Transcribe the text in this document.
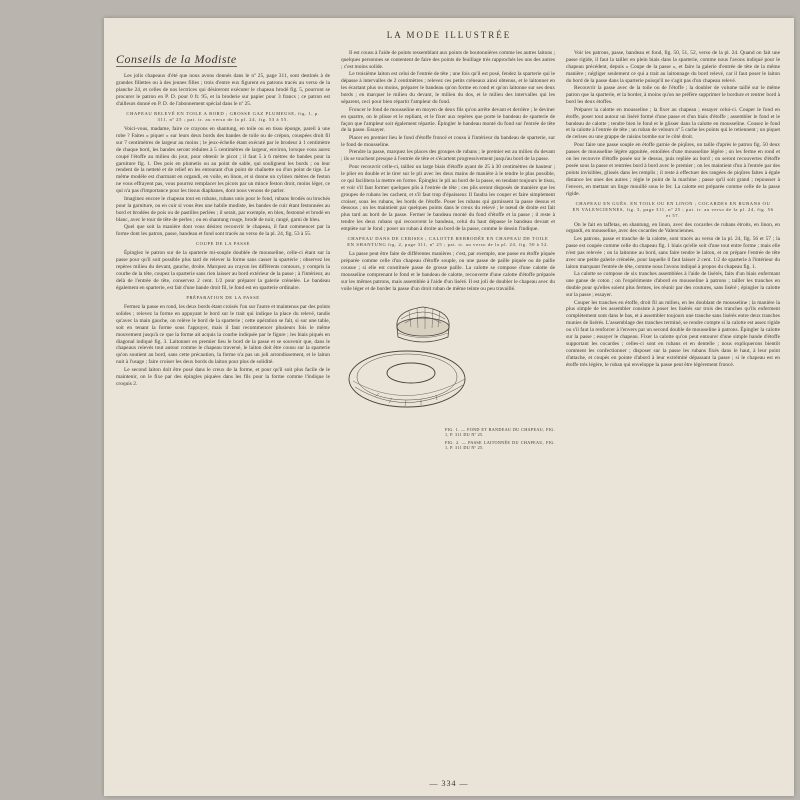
LA MODE ILLUSTRÉE
Conseils de la Modiste

Les jolis chapeaux d'été que nous avons donnés dans le nº 25, page 311, sont destinés à de grandes fillettes ou à des jeunes filles ; trois d'entre eux figurent en patrons tracés au verso de la planche 24, et celles de nos lectrices qui désireront exécuter le chapeau brodé fig. 5, pourront se procurer le patron en P. D. pour 0 fr. 95, et la broderie sur papier pour 3 francs ; ce patron est d'ailleurs donné en P. D. de l'abonnement spécial dans le nº 25.

CHAPEAU RELEVÉ EN TOILE A BORD ; GROSSE GAZ PLUMEUSE, fig. 1, p. 311, nº 25 ; pat. tr. au verso de la pl. 24, fig. 53 à 55.

Voici-vous, madame, faire ce crayons en shantung, en toile ou en tissu éponge, pareil à une robe ? Faites « piquer » sur leurs deux bords des bandes de toile ou de crépon, couspées droit fil sur 7 centimètres de largeur au moins ; le jeux-échelle étant exécuté par le brodeur à 1 centimètre de chaque bord, les bandes seront réduites à 5 centimètres de largeur, environ, lorsque vous aurez coupé l'étoffe au milieu du jour, pour obtenir le picot ; il faut 5 à 6 mètres de bandes pour la garniture fig. 1. Des pois en plumetis ou au point de sable, qui soulignent les bords ; ou leur rendent de la netteté et de relief en les entourant d'un point de chaînette ou d'un point de tige. Le même modèle est charmant en organdi, en voile, en linon, et si donne un cylinex mètres de feston ne vous effrayent pas, vous pourrez remplacer les picots par un mince feston droit, moins léger, ce qui n'a pas d'importance pour les tissus diaphanes, dont nous venons de parler.

Imaginez encore le chapeau tout en rubans, rubans unis pour le fond, rubans brodés ou brochés pour la garniture, ou en cuir si vous êtes une habile modiste, les bandes de cuir étant festonnées au bord et brodées de pois ou de pastilles perlées ; il serait, par exemple, en bleu, festonné et brodé en blanc, avec le tour de tête de perles ; ou en shantung rouge, brodé de noir, rangé, garni de bleu.

Quel que soit la manière dont vous désirez recouvrir le chapeau, il faut commencer par la forme dont les patron, passe, bandeau et fond sont tracés au verso de la pl. 24, fig. 53 à 55.

COUPE DE LA PASSE

Épinglez le patron sur de la sparterie mi-souple doublée de mousseline, celle-ci étant sur la passe pour qu'il soit possible plus tard de relever la forme sans casser la sparterie ; observez les repères milieu du devant, gauche, droite. Marquez au crayon les différents contours, y compris la courbe de la tête, coupez la sparterie sans rien laisser au bord extérieur de la passe ; à l'intérieur, au delà de l'entrée de tête, conservez 2 cent. 1/2 pour préparer la galerie crénelée. Le bandeau également en sparterie, est fait d'une bande droit fil, le fond est en sparterie ordinaire.

PRÉPARATION DE LA PASSE

Fermez la passe en rond, les deux bords étant croisés l'un sur l'autre et maintenus par des points solides ; relevez la forme en appuyant le bord sur le trait qui indique la place du relevé, tandis qu'avec la main gauche, on relève le bord de la sparterie ; cette opération se fait, si sur une table, soit en tenant la forme sous l'appuyer, mais il faut recommencer plusieurs fois le même mouvement jusqu'à ce que la forme ait acquis la courbe indiquée par le figure ; les biais piqués en diagonal indiqué fig. 3. Laitonner en premier lieu le bord de la passe et se souvenir que, dans le chapeaux relevés tout autour comme le chapeau traversé, le laiton doit être cousu sur la sparterie qu'on soutient au bord, sans cette précaution, la forme n'a pas un joli arrondissement, et le laiton nuit à l'usage ; faire croiser les deux bords du laiton pour plus de solidité.

Le second laiton doit être posé dans le creux de la forme, et pour qu'il soit plus facile de le maintenir, on le fixe par des épingles piquées dans les fils pour la forme comme l'indique le croquis 2.

Il est cousu à l'aide de points ressemblant aux points de boutonnières comme les autres laitons ; quelques personnes se contentent de faire des points de feuillage très rapprochés les uns des autres ; c'est moins solide.

Le troisième laiton est celui de l'entrée de tête ; une fois qu'il est posé, fendez la sparterie qui le dépasse à intervalles de 2 centimètres ; relevez ces petits créneaux ainsi obtenus, et le laitonner en les écartant plus ou moins, préparer le bandeau qu'on forme en rond et qu'on laitonne sur ses deux bords ; en marquer le milieu du devant, le milieu du dos, et le milieu des intervalles qui les séparent, ceci pour bien répartir l'ampleur du fond.

Froncer le fond de mousseline en moyen de deux fils qu'on arrête devant et derrière ; le deviner en quartre, on le plisse et le repliant, et le fixer aux repères que porte le bandeau de sparterie de façon que l'ampleur soit également répartie. Épingler le bandeau monté du fond sur l'entrée de tête de la passe. Essayer.

Placer en premier lieu le fond d'étoffe froncé et cousu à l'intérieur du bandeau de sparterie, sur le fond de mousseline.

Prendre la passe, marquez les places des groupes de rubans ; le premier est au milieu du devant ; ils se touchent presque à l'entrée de tête et s'écartent progressivement jusqu'au bord de la passe.

Pour recouvrir celle-ci, taillez un large biais d'étoffe ayant de 25 à 30 centimètres de hauteur ; le plier en double et le tirer sur le pli avec les deux mains de manière à le tendre le plus possible, ce qui facilitera la mettre en forme. Épinglez le pli au bord de la passe, en tendant toujours le tissu, et voir s'il faut former quelques plis à l'entrée de tête ; ces plis seront disposés de manière que les groupes de rubans les cachent, et s'il faut trop d'épaisseur. Il faudra les couper et faire simplement croiser, sous les rubans, les bords de l'étoffe. Poser les rubans qui garnissent la passe dessus et dessous ; on les maintient par quelques points dans le creux du relevé ; le nœud de droite est fait plus tard au bord de la passe. Fermer le bandeau monté du fond d'étoffe et la passe ; il reste à tendre les deux rubans qui recouvrent le bandeau, celui du haut dépasse le bandeau devant et empiète sur le fond ; poser un ruban à droite au bord de la passe, comme le dessin l'indique.

CHAPEAU DANS DE CERISES ; CALOTTE REBRODÉE EN CHAPEAU DE TOILE EN SHANTUNG fig. 2, page 311, nº 25 ; pat. tr. au verso de la pl. 24, fig. 50 à 52.

La passe peut être faite de différentes manières ; c'est, par exemple, une passe en étoffe piquée préparée comme celle d'un chapeau d'étoffe souple, ou une passe de paille piquée ou de paille cousue ; si elle est constituée passe de grosse paille. La calotte se compose d'une calotte de mousseline comprenant le fond et le bandeau de calotte, recouverte d'une calotte d'étoffe préparée sur les mêmes patrons, mais assemblée à l'aide d'un liséré. Il est joli de doubler le chapeau avec du voile léger et de border la passe d'un droit ruban de même teinte ou peu travaillé.

FIG. 1. — FOND ET BANDEAU DU CHAPEAU, FIG. 1, P. 311 DU Nº 25.
FIG. 2. — PASSE LAITONNÉE DU CHAPEAU, FIG. 1, P. 311 DU Nº 25.

Voir les patrons, passe, bandeau et fond, fig. 50, 51, 52, verso de la pl. 24. Quand on fait une passe rigide, il faut la tailler en plein biais dans la sparterie, comme nous l'avons indiqué pour le chapeau précédent, depuis « Coupe de la passe », et faire la galerie d'entrée de tête de la même manière ; négliger seulement ce qui a trait au laitonnage du bord relevé, car il faut poser le laiton du bord de la passe dans la sparterie puisqu'il ne s'agit pas d'un chapeau relevé.

Recouvrir la passe avec de la toile ou de l'étoffe ; la doubler de volume taillé sur le même patron que la sparterie, et la border, à moins qu'on ne préfère supprimer le bordure et rentrer bord à bord les deux étoffes.

Préparer la calotte en mousseline ; la fixer au chapeau ; essayer celui-ci. Couper le fond en étoffe, poser tout autour un liséré formé d'une passe et d'un biais d'étoffe ; assembler le fond et le bandeau de calotte ; tendre bien le fond et le glisser dans la calotte en mousseline. Cousez le fond et la calotte à l'entrée de tête ; un ruban de velours nº 5 cache les points qui le retiennent ; un piquet de cerises ou une grappe de raisins bombe sur le côté droit.

Pour faire une passe souple en étoffe garnie de piqûres, on taille d'après le patron fig. 50 deux passes de mousseline légère appuitée, entoilées d'une mousseline légère ; on les ferme en rond et on les recouvre d'étoffe posée sur le dessus, puis repliée au bord ; on seront recouvertes d'étoffe posée sous la passe et rentrées bord à bord avec le premier ; on les maintient d'un à l'entrée par des points invisibles, glissés dans les remplis ; il reste à effectuer des rangées de piqûres faites à égale distance les unes des autres ; règle le point de la machine ; passe qu'il soit grand ; repousser à l'envers, en mettant un linge mouillé sous le fer. La calotte est préparée comme celle de la passe rigide.

CHAPEAU EN GUÉS. EN TOILE OU EN LINON ; COCARDES EN RUBANS OU EN VALENCIENNES, fig. 3, page 311, nº 25 ; pat. tr. au verso de la pl. 24, fig. 56 et 57.

On le fait en taffetas, en shantung, en linon, avec des cocardes de rubans étroits, en linon, en organdi, en mousseline, avec des cocardes de Valenciennes.

Les patrons, passe et tranche de la calotte, sont tracés au verso de la pl. 24, fig. 56 et 57 ; la passe est coupée comme celle du chapeau fig. 1 biais qu'elle soit d'une tout entre forme ; mais elle n'est pas relevée ; on la laitonne au bord, sans faire tendre le laiton, et on prépare l'entrée de tête avec une petite galerie crénelée, pour laquelle il faut laisser 2 cent. 1/2 de sparterie à l'intérieur du laiton marquant l'entrée de tête, comme nous l'avons indiqué à propos du chapeau fig. 1.

La calotte se compose de six tranches assemblées à l'aide de lisérés, faits d'un biais enfermant une ganse de coton ; on l'expérimente d'abord en mousseline à patrons ; tailler les tranches en double pour qu'elles soient plus fermes, les réunir par des coutures, sans liséré ; épingler la calotte sur la passe ; essayer.

Couper les tranches en étoffe, droit fil au milieu, en les doublant de mousseline ; la manière la plus simple de les assembler consiste à poser les lisérés sur trois des tranches qu'ils enferment complètement sont dans le bas, et à assembler toujours une tranche sans lisérés entre deux tranches munies de lisérés. L'assemblage des tranches terminé, se rendre compte si la calotte est assez rigide ou s'il faut la renforcer à l'envers par un second double de mousseline à patrons. Épingler la calotte sur la passe ; essayer le chapeau. Fixer la calotte qu'on peut entourer d'une simple bande d'étoffe supportant les cocardes ; celles-ci sont en rubans et en dentelle ; nous expliquerons bientôt comment les confectionner ; disposer sur la passe les rubans fixés dans le haut, à leur point d'attache, et coupés en pointe d'abord à leur extrémité dépassant la passe ; si le chapeau est en étoffe très légère, le ruban qui enveloppe la passe peut être légèrement froncé.

— 334 —
